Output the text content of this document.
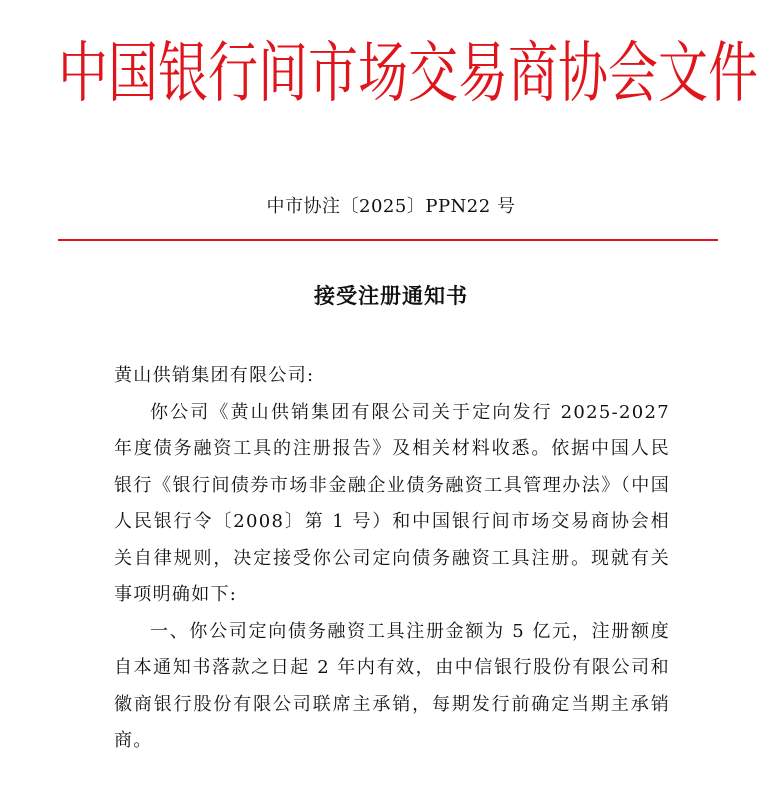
中 国 银 行 间 市 场 交 易 商 协 会 文 件
中市协注〔2025〕PPN22 号
接受注册通知书

黄山供销集团有限公司:

你公司《黄山供销集团有限公司关于定向发行 2025-2027 年度债务融资工具的注册报告》及相关材料收悉。依据中国人民银行《银行间债券市场非金融企业债务融资工具管理办法》（中国人民银行令〔2008〕第 1 号）和中国银行间市场交易商协会相关自律规则，决定接受你公司定向债务融资工具注册。现就有关事项明确如下:

一、你公司定向债务融资工具注册金额为 5 亿元，注册额度自本通知书落款之日起 2 年内有效，由中信银行股份有限公司和徽商银行股份有限公司联席主承销，每期发行前确定当期主承销商。
